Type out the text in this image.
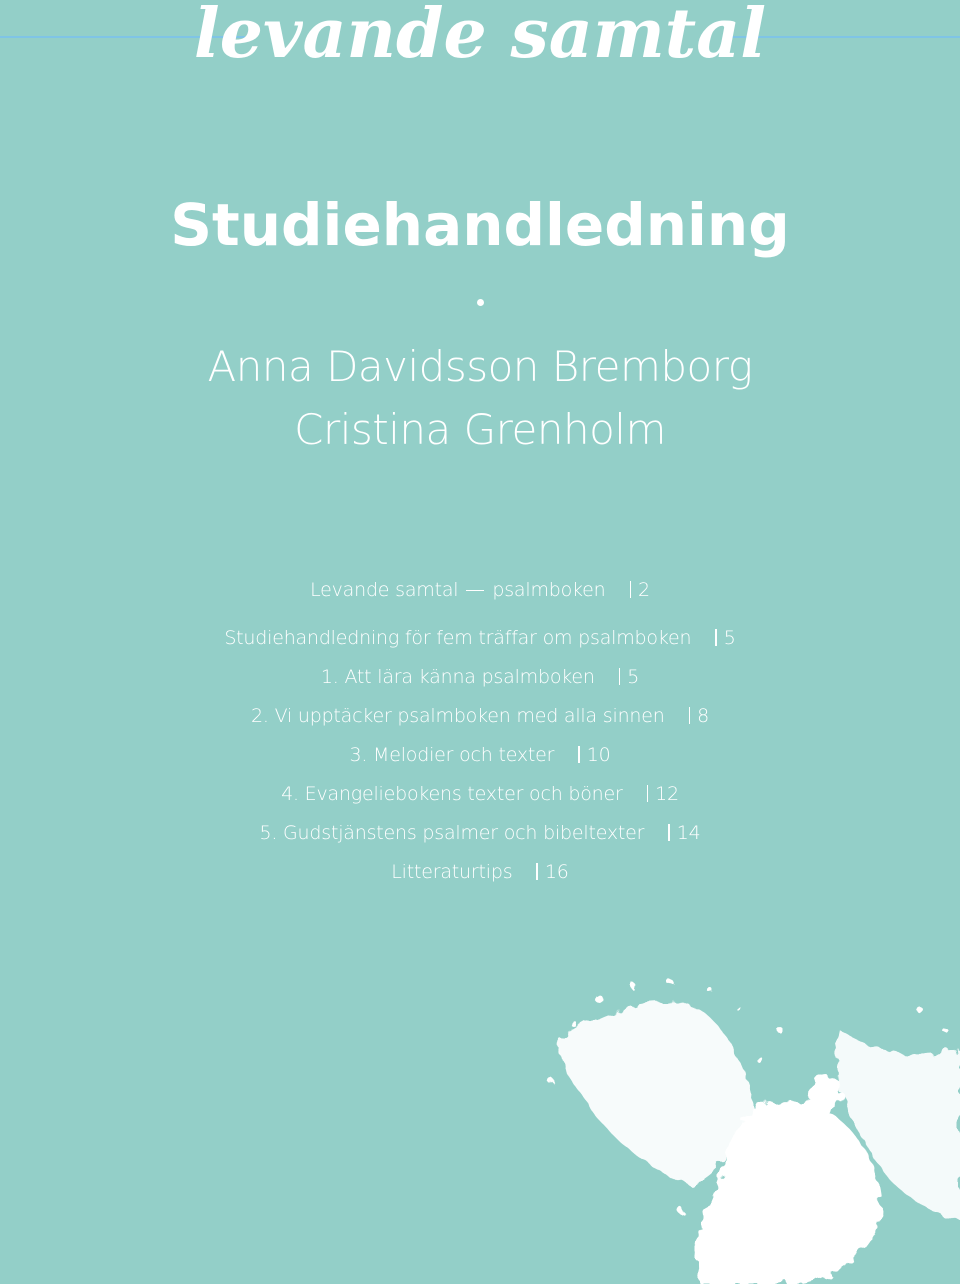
levande samtal
Studiehandledning
Anna Davidsson Bremborg
Cristina Grenholm
Levande samtal psalmboken 2
Studiehandledning för fem träffar om psalmboken 5
1. Att lära känna psalmboken 5
2. Vi upptäcker psalmboken med alla sinnen 8
3. Melodier och texter 10
4. Evangeliebokens texter och böner 12
5. Gudstjänstens psalmer och bibeltexter 14
Litteraturtips 16
